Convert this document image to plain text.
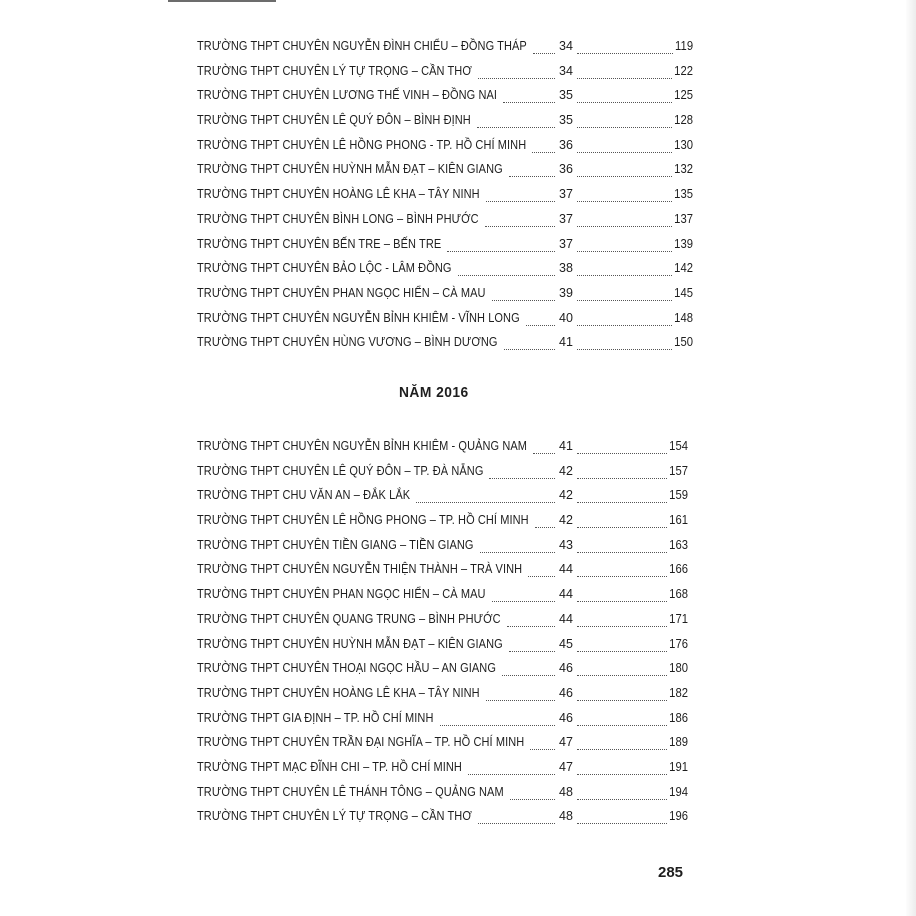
TRƯỜNG THPT CHUYÊN NGUYỄN ĐÌNH CHIỂU – ĐỒNG THÁP	34	119
TRƯỜNG THPT CHUYÊN LÝ TỰ TRỌNG – CẦN THƠ	34	122
TRƯỜNG THPT CHUYÊN LƯƠNG THẾ VINH – ĐỒNG NAI	35	125
TRƯỜNG THPT CHUYÊN LÊ QUÝ ĐÔN – BÌNH ĐỊNH	35	128
TRƯỜNG THPT CHUYÊN LÊ HỒNG PHONG - TP. HỒ CHÍ MINH	36	130
TRƯỜNG THPT CHUYÊN HUỲNH MẪN ĐẠT – KIÊN GIANG	36	132
TRƯỜNG THPT CHUYÊN HOÀNG LÊ KHA – TÂY NINH	37	135
TRƯỜNG THPT CHUYÊN BÌNH LONG – BÌNH PHƯỚC	37	137
TRƯỜNG THPT CHUYÊN BẾN TRE – BẾN TRE	37	139
TRƯỜNG THPT CHUYÊN BẢO LỘC - LÂM ĐỒNG	38	142
TRƯỜNG THPT CHUYÊN PHAN NGỌC HIỂN – CÀ MAU	39	145
TRƯỜNG THPT CHUYÊN NGUYỄN BỈNH KHIÊM - VĨNH LONG	40	148
TRƯỜNG THPT CHUYÊN HÙNG VƯƠNG – BÌNH DƯƠNG	41	150
NĂM 2016
TRƯỜNG THPT CHUYÊN NGUYỄN BỈNH KHIÊM - QUẢNG NAM	41	154
TRƯỜNG THPT CHUYÊN LÊ QUÝ ĐÔN – TP. ĐÀ NẴNG	42	157
TRƯỜNG THPT CHU VĂN AN – ĐẮK LẮK	42	159
TRƯỜNG THPT CHUYÊN LÊ HỒNG PHONG – TP. HỒ CHÍ MINH 42	161
TRƯỜNG THPT CHUYÊN TIỀN GIANG – TIỀN GIANG	43	163
TRƯỜNG THPT CHUYÊN NGUYỄN THIỆN THÀNH – TRÀ VINH	44	166
TRƯỜNG THPT CHUYÊN PHAN NGỌC HIỂN – CÀ MAU	44	168
TRƯỜNG THPT CHUYÊN QUANG TRUNG – BÌNH PHƯỚC	44	171
TRƯỜNG THPT CHUYÊN HUỲNH MẪN ĐẠT – KIÊN GIANG	45	176
TRƯỜNG THPT CHUYÊN THOẠI NGỌC HẦU – AN GIANG	46	180
TRƯỜNG THPT CHUYÊN HOÀNG LÊ KHA – TÂY NINH	46	182
TRƯỜNG THPT GIA ĐỊNH – TP. HỒ CHÍ MINH	46	186
TRƯỜNG THPT CHUYÊN TRẦN ĐẠI NGHĨA – TP. HỒ CHÍ MINH	47	189
TRƯỜNG THPT MẠC ĐĨNH CHI – TP. HỒ CHÍ MINH	47	191
TRƯỜNG THPT CHUYÊN LÊ THÁNH TÔNG – QUẢNG NAM	48	194
TRƯỜNG THPT CHUYÊN LÝ TỰ TRỌNG – CẦN THƠ	48	196
285
